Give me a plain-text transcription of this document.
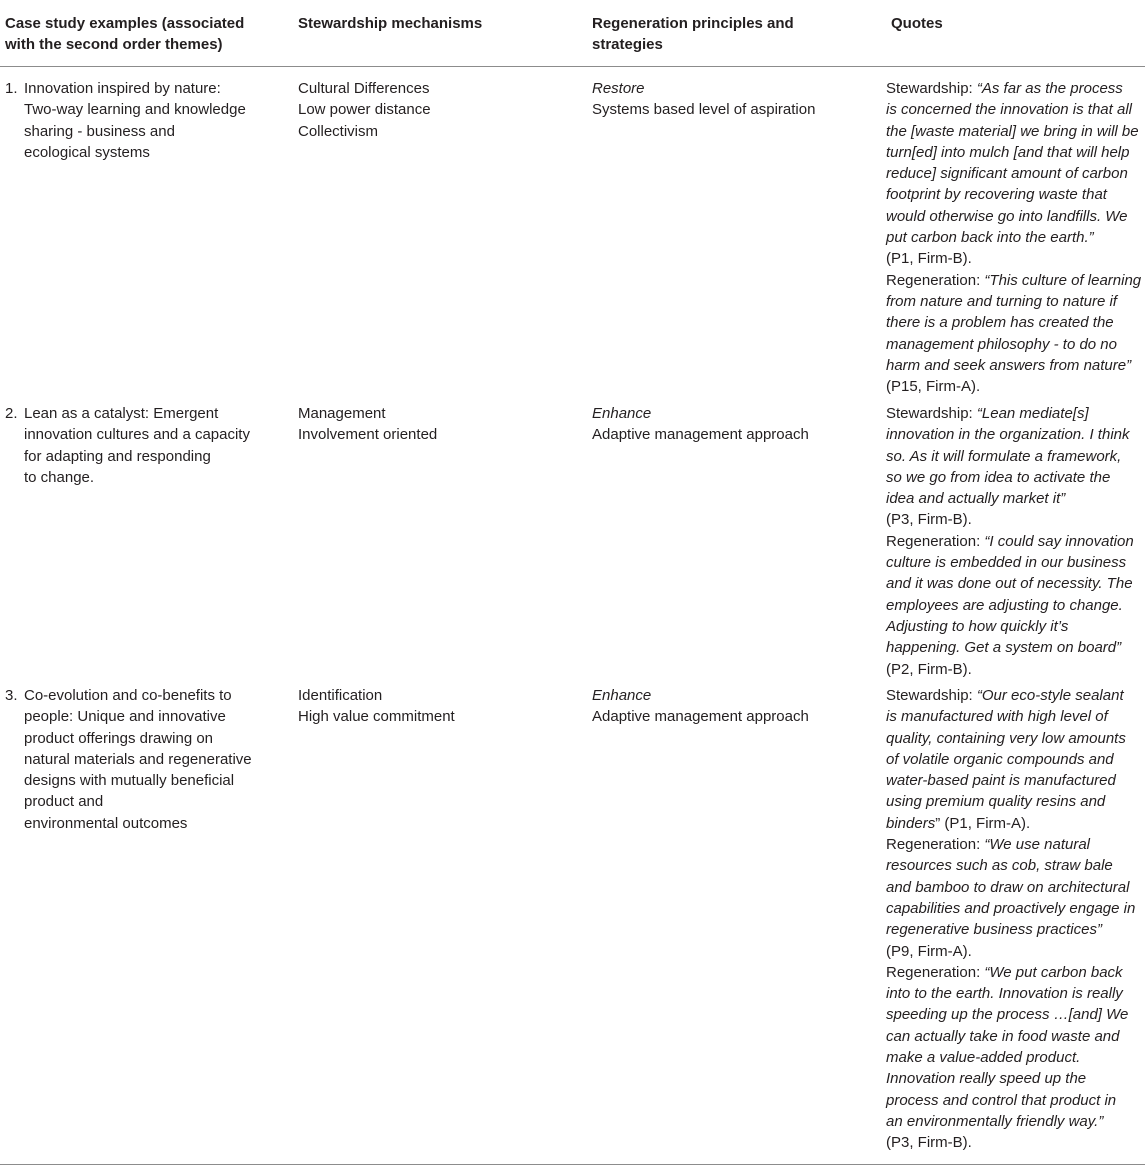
Case study examples (associated
with the second order themes)
Stewardship mechanisms	Regeneration principles and
strategies
Quotes
1. Innovation inspired by nature:
Two-way learning and knowledge
sharing - business and
ecological systems
Cultural Differences
Low power distance
Collectivism
Restore
Systems based level of aspiration
Stewardship: “As far as the process
is concerned the innovation is that all
the [waste material] we bring in will be
turn[ed] into mulch [and that will help
reduce] significant amount of carbon
footprint by recovering waste that
would otherwise go into landfills. We
put carbon back into the earth.”
(P1, Firm-B).
Regeneration: “This culture of learning
from nature and turning to nature if
there is a problem has created the
management philosophy - to do no
harm and seek answers from nature”
(P15, Firm-A).
2. Lean as a catalyst: Emergent
innovation cultures and a capacity
for adapting and responding
to change.
Management
Involvement oriented
Enhance
Adaptive management approach
Stewardship: “Lean mediate[s]
innovation in the organization. I think
so. As it will formulate a framework,
so we go from idea to activate the
idea and actually market it”
(P3, Firm-B).
Regeneration: “I could say innovation
culture is embedded in our business
and it was done out of necessity. The
employees are adjusting to change.
Adjusting to how quickly it’s
happening. Get a system on board”
(P2, Firm-B).
3. Co-evolution and co-benefits to
people: Unique and innovative
product offerings drawing on
natural materials and regenerative
designs with mutually beneficial
product and
environmental outcomes
Identification
High value commitment
Enhance
Adaptive management approach
Stewardship: “Our eco-style sealant
is manufactured with high level of
quality, containing very low amounts
of volatile organic compounds and
water-based paint is manufactured
using premium quality resins and
binders” (P1, Firm-A).
Regeneration: “We use natural
resources such as cob, straw bale
and bamboo to draw on architectural
capabilities and proactively engage in
regenerative business practices”
(P9, Firm-A).
Regeneration: “We put carbon back
into to the earth. Innovation is really
speeding up the process …[and] We
can actually take in food waste and
make a value-added product.
Innovation really speed up the
process and control that product in
an environmentally friendly way.”
(P3, Firm-B).
